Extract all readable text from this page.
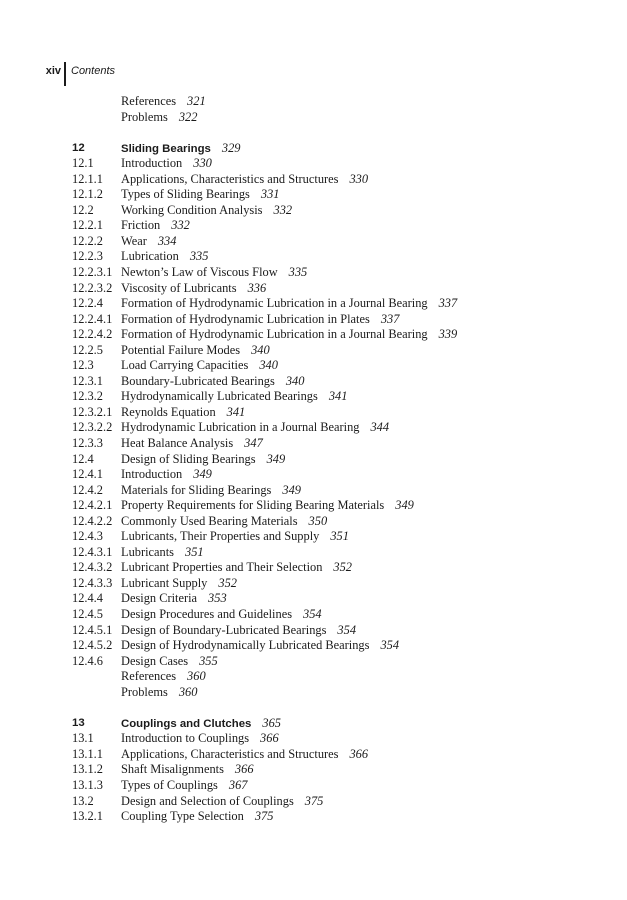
xiv Contents
References 321
Problems 322
12	Sliding Bearings 329
12.1 Introduction 330
12.1.1 Applications, Characteristics and Structures 330
12.1.2 Types of Sliding Bearings 331
12.2 Working Condition Analysis 332
12.2.1 Friction 332
12.2.2 Wear 334
12.2.3 Lubrication 335
12.2.3.1 Newton’s Law of Viscous Flow 335
12.2.3.2 Viscosity of Lubricants 336
12.2.4 Formation of Hydrodynamic Lubrication in a Journal Bearing 337
12.2.4.1 Formation of Hydrodynamic Lubrication in Plates 337
12.2.4.2 Formation of Hydrodynamic Lubrication in a Journal Bearing 339
12.2.5 Potential Failure Modes 340
12.3 Load Carrying Capacities 340
12.3.1 Boundary-Lubricated Bearings 340
12.3.2 Hydrodynamically Lubricated Bearings 341
12.3.2.1 Reynolds Equation 341
12.3.2.2 Hydrodynamic Lubrication in a Journal Bearing 344
12.3.3 Heat Balance Analysis 347
12.4 Design of Sliding Bearings 349
12.4.1 Introduction 349
12.4.2 Materials for Sliding Bearings 349
12.4.2.1 Property Requirements for Sliding Bearing Materials 349
12.4.2.2 Commonly Used Bearing Materials 350
12.4.3 Lubricants, Their Properties and Supply 351
12.4.3.1 Lubricants 351
12.4.3.2 Lubricant Properties and Their Selection 352
12.4.3.3 Lubricant Supply 352
12.4.4 Design Criteria 353
12.4.5 Design Procedures and Guidelines 354
12.4.5.1 Design of Boundary-Lubricated Bearings 354
12.4.5.2 Design of Hydrodynamically Lubricated Bearings 354
12.4.6 Design Cases 355
References 360
Problems 360
13	Couplings and Clutches 365
13.1 Introduction to Couplings 366
13.1.1 Applications, Characteristics and Structures 366
13.1.2 Shaft Misalignments 366
13.1.3 Types of Couplings 367
13.2 Design and Selection of Couplings 375
13.2.1 Coupling Type Selection 375
